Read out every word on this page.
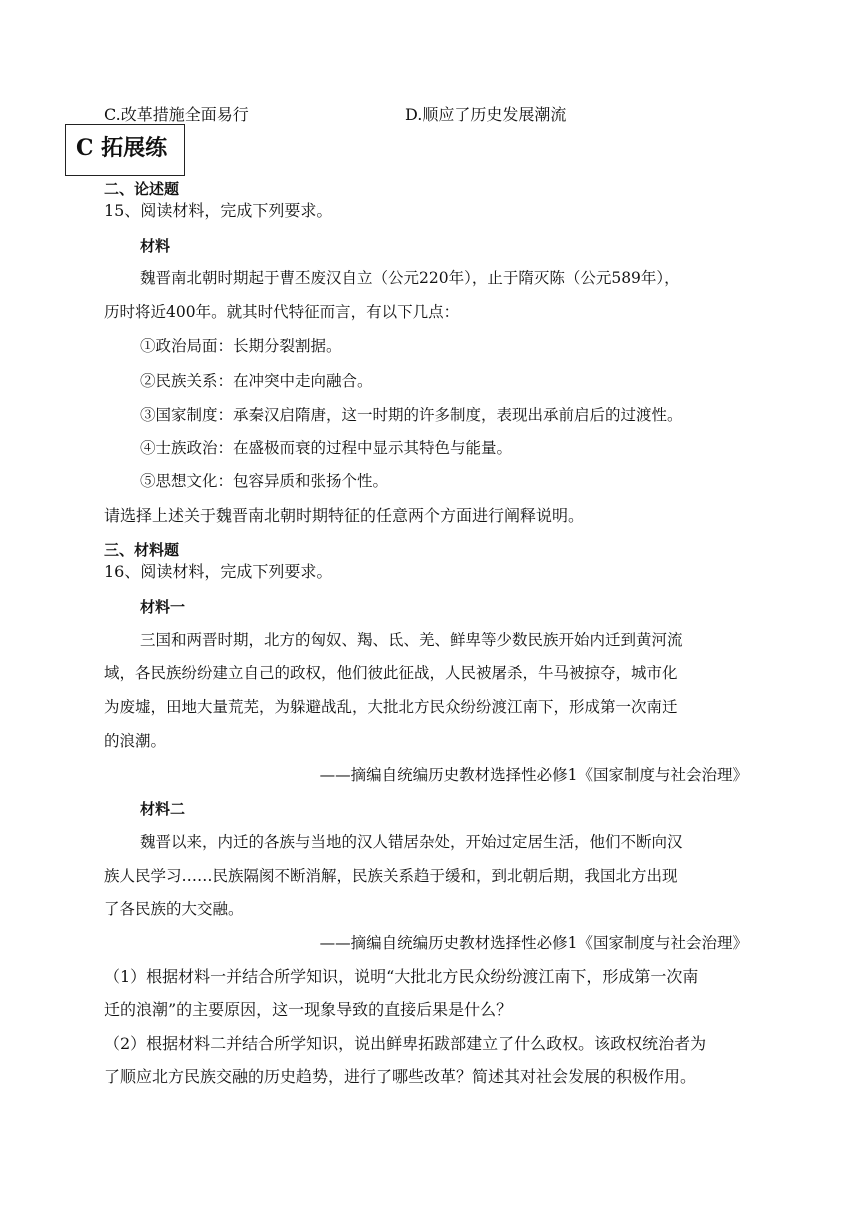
C.改革措施全面易行	D.顺应了历史发展潮流
C 拓展练
二、论述题
15、阅读材料，完成下列要求。
材料
魏晋南北朝时期起于曹丕废汉自立（公元220年），止于隋灭陈（公元589年），
历时将近400年。就其时代特征而言，有以下几点：
①政治局面：长期分裂割据。
②民族关系：在冲突中走向融合。
③国家制度：承秦汉启隋唐，这一时期的许多制度，表现出承前启后的过渡性。
④士族政治：在盛极而衰的过程中显示其特色与能量。
⑤思想文化：包容异质和张扬个性。
请选择上述关于魏晋南北朝时期特征的任意两个方面进行阐释说明。
三、材料题
16、阅读材料，完成下列要求。
材料一
三国和两晋时期，北方的匈奴、羯、氐、羌、鲜卑等少数民族开始内迁到黄河流
域，各民族纷纷建立自己的政权，他们彼此征战，人民被屠杀，牛马被掠夺，城市化
为废墟，田地大量荒芜，为躲避战乱，大批北方民众纷纷渡江南下，形成第一次南迁
的浪潮。
——摘编自统编历史教材选择性必修1《国家制度与社会治理》
材料二
魏晋以来，内迁的各族与当地的汉人错居杂处，开始过定居生活，他们不断向汉
族人民学习……民族隔阂不断消解，民族关系趋于缓和，到北朝后期，我国北方出现
了各民族的大交融。
——摘编自统编历史教材选择性必修1《国家制度与社会治理》
（1）根据材料一并结合所学知识，说明“大批北方民众纷纷渡江南下，形成第一次南
迁的浪潮”的主要原因，这一现象导致的直接后果是什么？
（2）根据材料二并结合所学知识，说出鲜卑拓跋部建立了什么政权。该政权统治者为
了顺应北方民族交融的历史趋势，进行了哪些改革？简述其对社会发展的积极作用。
